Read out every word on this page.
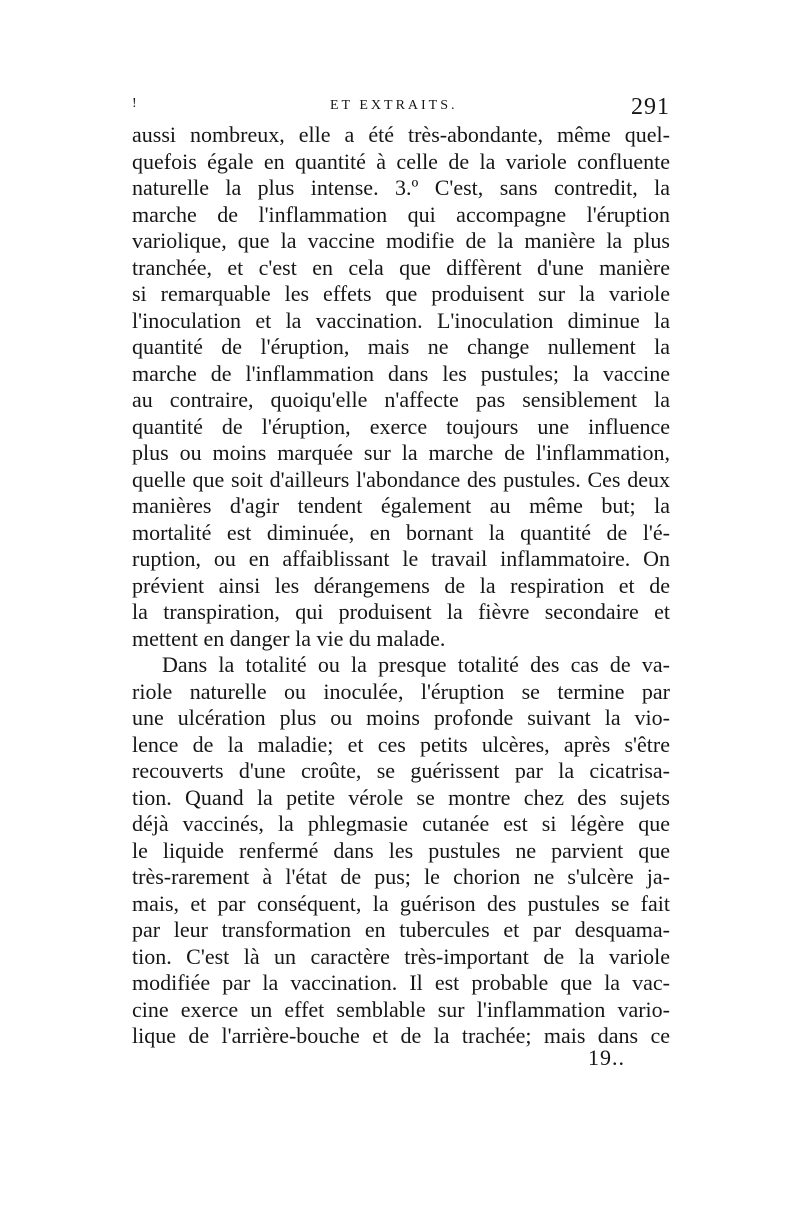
!	ET EXTRAITS.	291
aussi nombreux, elle a été très-abondante, même quel-
quefois égale en quantité à celle de la variole confluente
naturelle la plus intense. 3.º C'est, sans contredit, la
marche de l'inflammation qui accompagne l'éruption
variolique, que la vaccine modifie de la manière la plus
tranchée, et c'est en cela que diffèrent d'une manière
si remarquable les effets que produisent sur la variole
l'inoculation et la vaccination. L'inoculation diminue la
quantité de l'éruption, mais ne change nullement la
marche de l'inflammation dans les pustules; la vaccine
au contraire, quoiqu'elle n'affecte pas sensiblement la
quantité de l'éruption, exerce toujours une influence
plus ou moins marquée sur la marche de l'inflammation,
quelle que soit d'ailleurs l'abondance des pustules. Ces deux
manières d'agir tendent également au même but; la
mortalité est diminuée, en bornant la quantité de l'é-
ruption, ou en affaiblissant le travail inflammatoire. On
prévient ainsi les dérangemens de la respiration et de
la transpiration, qui produisent la fièvre secondaire et
mettent en danger la vie du malade.
Dans la totalité ou la presque totalité des cas de va-
riole naturelle ou inoculée, l'éruption se termine par
une ulcération plus ou moins profonde suivant la vio-
lence de la maladie; et ces petits ulcères, après s'être
recouverts d'une croûte, se guérissent par la cicatrisa-
tion. Quand la petite vérole se montre chez des sujets
déjà vaccinés, la phlegmasie cutanée est si légère que
le liquide renfermé dans les pustules ne parvient que
très-rarement à l'état de pus; le chorion ne s'ulcère ja-
mais, et par conséquent, la guérison des pustules se fait
par leur transformation en tubercules et par desquama-
tion. C'est là un caractère très-important de la variole
modifiée par la vaccination. Il est probable que la vac-
cine exerce un effet semblable sur l'inflammation vario-
lique de l'arrière-bouche et de la trachée; mais dans ce
19..
